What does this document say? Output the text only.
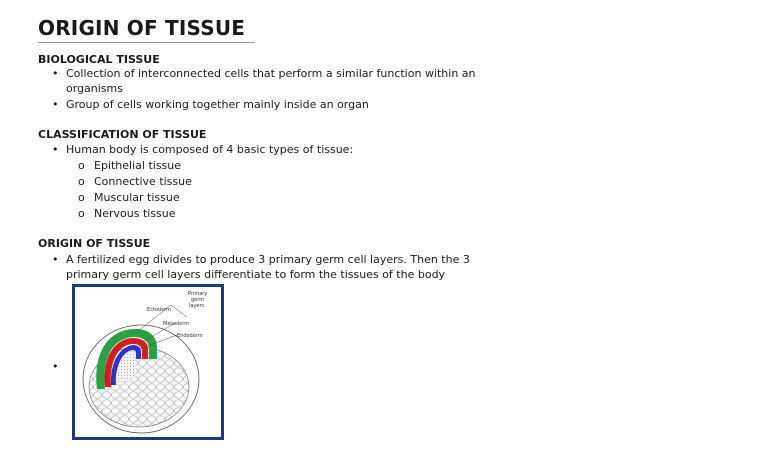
ORIGIN OF TISSUE
BIOLOGICAL TISSUE
• Collection of interconnected cells that perform a similar function within an
organisms
• Group of cells working together mainly inside an organ
CLASSIFICATION OF TISSUE
• Human body is composed of 4 basic types of tissue:
o Epithelial tissue
o Connective tissue
o Muscular tissue
o Nervous tissue
ORIGIN OF TISSUE
• A fertilized egg divides to produce 3 primary germ cell layers. Then the 3
primary germ cell layers differentiate to form the tissues of the body
•
Primary
germ
layers
Ectoderm
Mesoderm
Endoderm
